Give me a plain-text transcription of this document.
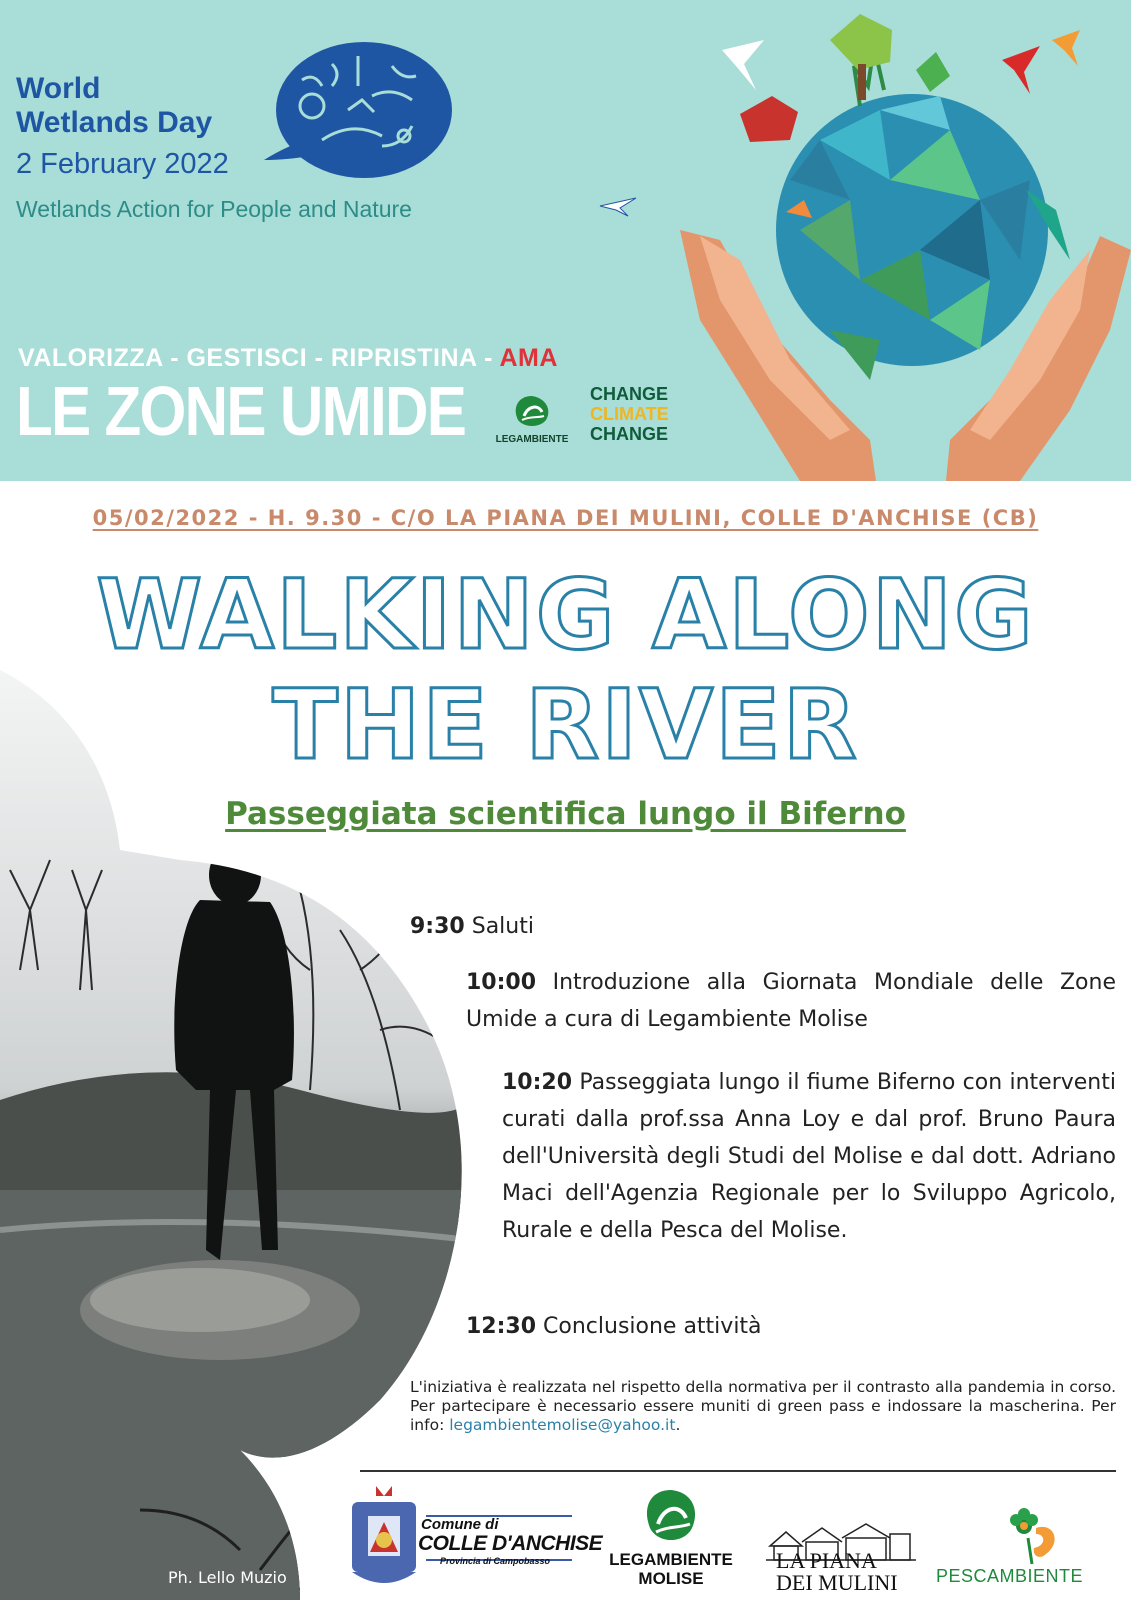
World
Wetlands Day
2 February 2022
Wetlands Action for People and Nature
VALORIZZA - GESTISCI - RIPRISTINA - AMA
LE ZONE UMIDE	LEGAMBIENTE
CHANGE
CLIMATE
CHANGE
05/02/2022 - H. 9.30 - C/O LA PIANA DEI MULINI, COLLE D'ANCHISE (CB)
WALKING ALONG
THE RIVER
Passeggiata scientifica lungo il Biferno
9:30 Saluti
10:00 Introduzione alla Giornata Mondiale delle Zone Umide a cura di Legambiente Molise
10:20 Passeggiata lungo il fiume Biferno con interventi curati dalla prof.ssa Anna Loy e dal prof. Bruno Paura dell'Università degli Studi del Molise e dal dott. Adriano Maci dell'Agenzia Regionale per lo Sviluppo Agricolo, Rurale e della Pesca del Molise.
12:30 Conclusione attività
L'iniziativa è realizzata nel rispetto della normativa per il contrasto alla pandemia in corso. Per partecipare è necessario essere muniti di green pass e indossare la mascherina. Per info: legambientemolise@yahoo.it.
Ph. Lello Muzio
Comune di
COLLE D'ANCHISE
Provincia di Campobasso	LEGAMBIENTE
MOLISE
LA PIANA
DEI MULINI PESCAMBIENTE
